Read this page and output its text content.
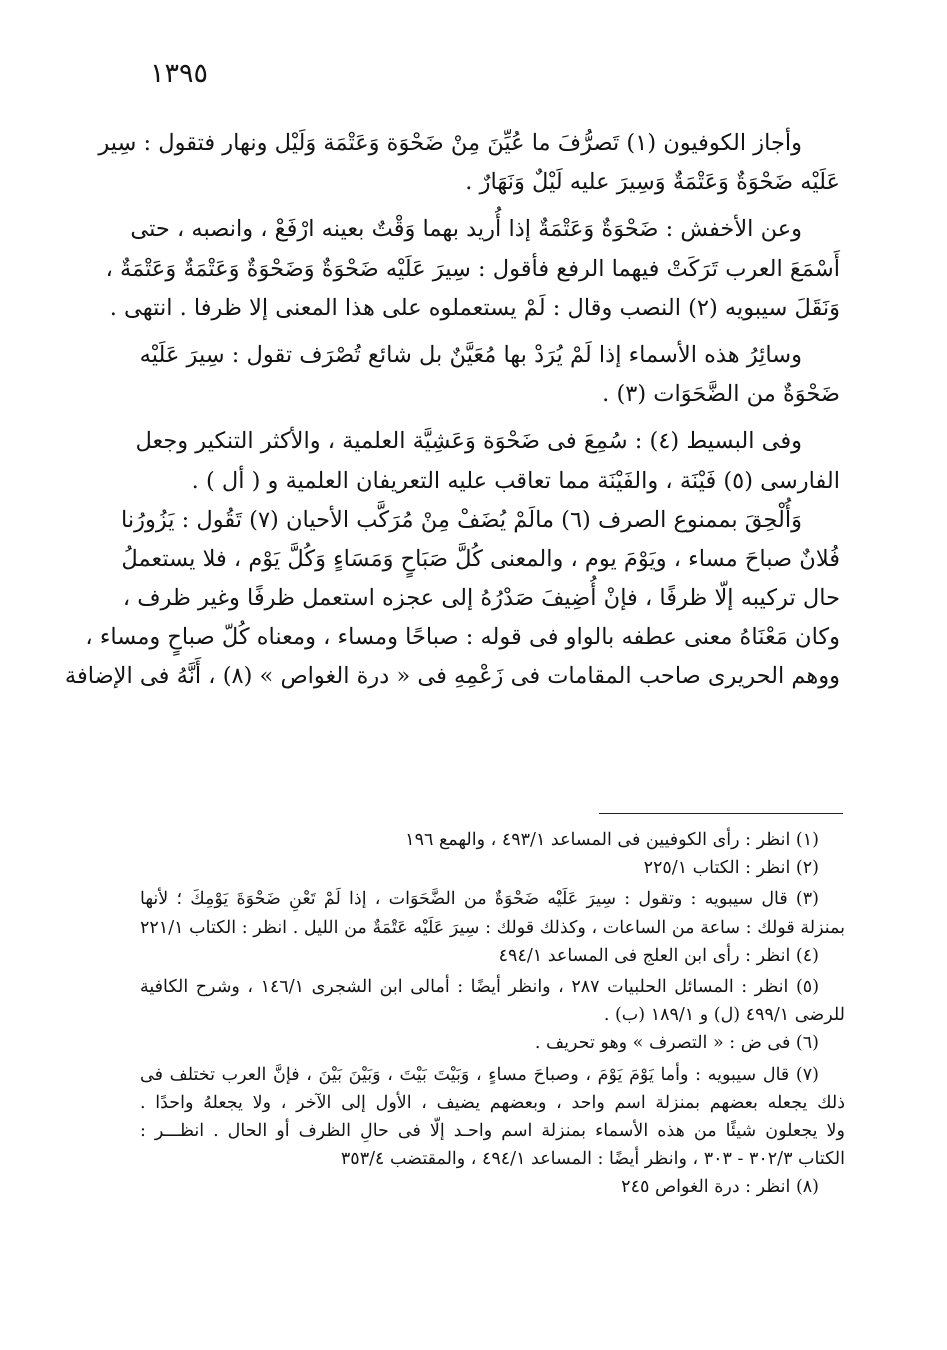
١٣٩٥
وأجاز الكوفيون (١) تَصرُّفَ ما عُيِّنَ مِنْ ضَحْوَة وَعَتْمَة وَلَيْل ونهار فتقول : سِير
عَلَيْه ضَحْوَةٌ وَعَتْمَةٌ وَسِيرَ عليه لَيْلٌ وَنَهَارٌ .
وعن الأخفش : ضَحْوَةٌ وَعَتْمَةٌ إذا أُريد بهما وَقْتٌ بعينه ارْفَعْ ، وانصبه ، حتى
أَسْمَعَ العرب تَرَكَتْ فيهما الرفع فأقول : سِيرَ عَلَيْه ضَحْوَةٌ وَضَحْوَةٌ وَعَتْمَةٌ وَعَتْمَةٌ ،
وَنَقَلَ سيبويه (٢) النصب وقال : لَمْ يستعملوه على هذا المعنى إلا ظرفا . انتهى .
وسائِرُ هذه الأسماء إذا لَمْ يُرَدْ بها مُعَيَّنٌ بل شائع تُصْرَف تقول : سِيرَ عَلَيْه
ضَحْوَةٌ من الضَّحَوَات (٣) .
وفى البسيط (٤) : سُمِعَ فى ضَحْوَة وَعَشِيَّة العلمية ، والأكثر التنكير وجعل
الفارسى (٥) فَيْنَة ، والفَيْنَة مما تعاقب عليه التعريفان العلمية و ( أل ) .
وَأُلْحِقَ بممنوع الصرف (٦) مالَمْ يُضَفْ مِنْ مُرَكَّب الأحيان (٧) تَقُول : يَزُورُنا
فُلانٌ صباحَ مساء ، ويَوْمَ يوم ، والمعنى كُلَّ صَبَاحٍ وَمَسَاءٍ وَكُلَّ يَوْم ، فلا يستعملُ
حال تركيبه إلّا ظرفًا ، فإنْ أُضِيفَ صَدْرُهُ إلى عجزه استعمل ظرفًا وغير ظرف ،
وكان مَعْنَاهُ معنى عطفه بالواو فى قوله : صباحًا ومساء ، ومعناه كُلّ صباحٍ ومساء ،
ووهم الحريرى صاحب المقامات فى زَعْمِهِ فى « درة الغواص » (٨) ، أَنَّهُ فى الإضافة
(١) انظر : رأى الكوفيين فى المساعد ٤٩٣/١ ، والهمع ١٩٦
(٢) انظر : الكتاب ٢٢٥/١
(٣) قال سيبويه : وتقول : سِيرَ عَلَيْه ضَحْوَةٌ من الضَّحَوَات ، إذا لَمْ تَعْنِ ضَحْوَةَ يَوْمِكَ ؛ لأنها
بمنزلة قولك : ساعة من الساعات ، وكذلك قولك : سِيرَ عَلَيْه عَتْمَةٌ من الليل . انظر : الكتاب ٢٢١/١
(٤) انظر : رأى ابن العلج فى المساعد ٤٩٤/١
(٥) انظر : المسائل الحلبيات ٢٨٧ ، وانظر أيضًا : أمالى ابن الشجرى ١٤٦/١ ، وشرح الكافية
للرضى ٤٩٩/١ (ل) و ١٨٩/١ (ب) .
(٦) فى ض : « التصرف » وهو تحريف .
(٧) قال سيبويه : وأما يَوْمَ يَوْمَ ، وصباحَ مساءٍ ، وَبَيْتَ بَيْتَ ، وَبَيْنَ بَيْنَ ، فإنَّ العرب تختلف فى
ذلك يجعله بعضهم بمنزلة اسم واحد ، وبعضهم يضيف ، الأول إلى الآخر ، ولا يجعلهُ واحدًا .
ولا يجعلون شيئًا من هذه الأسماء بمنزلة اسم واحـد إلّا فى حالِ الظرف أو الحال . انظـــر :
الكتاب ٣٠٢/٣ - ٣٠٣ ، وانظر أيضًا : المساعد ٤٩٤/١ ، والمقتضب ٣٥٣/٤
(٨) انظر : درة الغواص ٢٤٥
